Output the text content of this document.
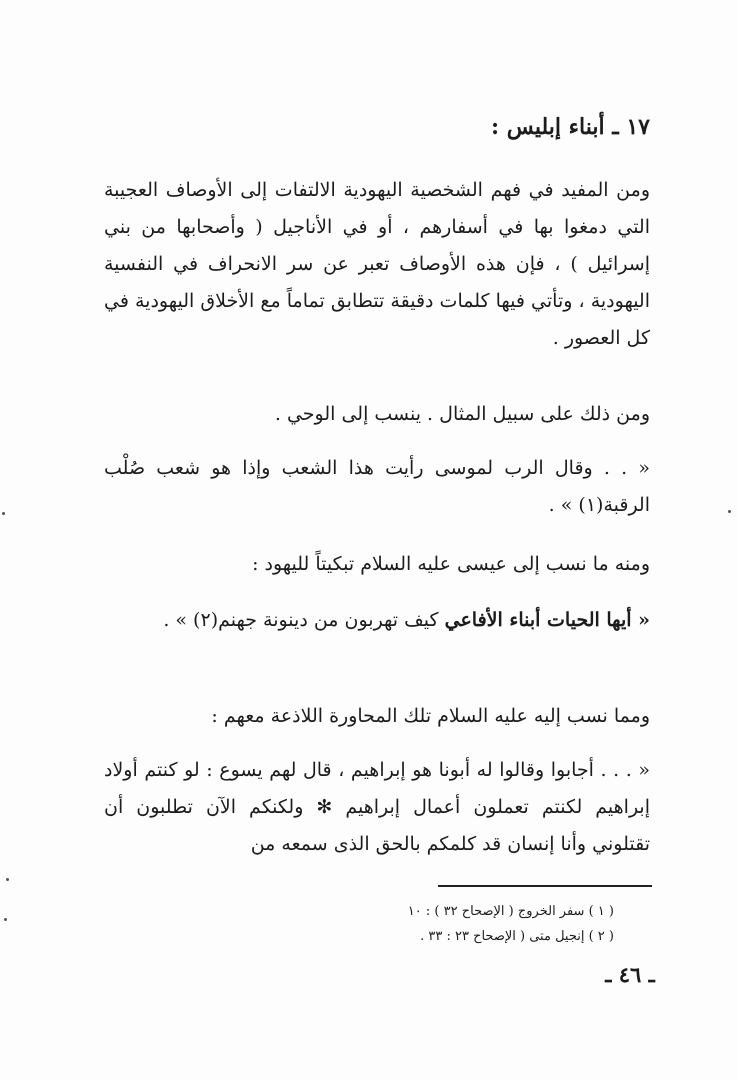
١٧ ـ أبناء إبليس :
ومن المفيد في فهم الشخصية اليهودية الالتفات إلى الأوصاف العجيبة التي دمغوا بها في أسفارهم ، أو في الأناجيل ( وأصحابها من بني إسرائيل ) ، فإن هذه الأوصاف تعبر عن سر الانحراف في النفسية اليهودية ، وتأتي فيها كلمات دقيقة تتطابق تماماً مع الأخلاق اليهودية في كل العصور .
ومن ذلك على سبيل المثال . ينسب إلى الوحي .
« . . وقال الرب لموسى رأيت هذا الشعب وإذا هو شعب صُلْب الرقبة(١) » .
ومنه ما نسب إلى عيسى عليه السلام تبكيتاً لليهود :
« أيها الحيات أبناء الأفاعي كيف تهربون من دينونة جهنم(٢) » .
ومما نسب إليه عليه السلام تلك المحاورة اللاذعة معهم :
« . . . أجابوا وقالوا له أبونا هو إبراهيم ، قال لهم يسوع : لو كنتم أولاد إبراهيم لكنتم تعملون أعمال إبراهيم ✻ ولكنكم الآن تطلبون أن تقتلوني وأنا إنسان قد كلمكم بالحق الذى سمعه من
( ١ ) سفر الخروج ( الإصحاح ٣٢ ) : ١٠
( ٢ ) إنجيل متى ( الإصحاح ٢٣ : ٣٣ .
ـ ٤٦ ـ
